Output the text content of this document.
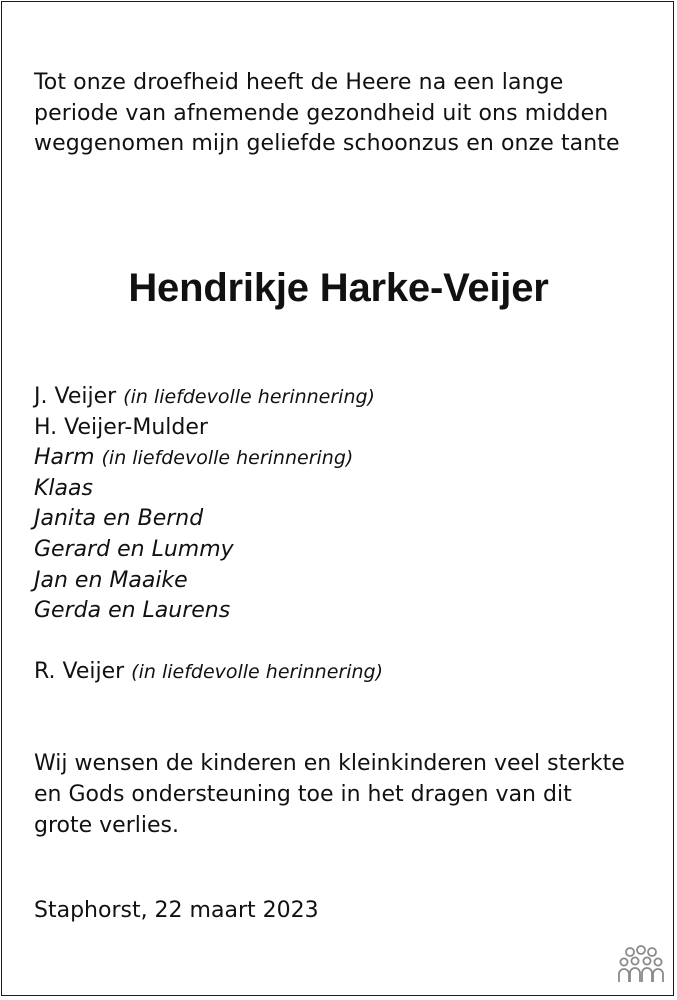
Tot onze droefheid heeft de Heere na een lange periode van afnemende gezondheid uit ons midden weggenomen mijn geliefde schoonzus en onze tante
Hendrikje Harke-Veijer
J. Veijer (in liefdevolle herinnering)
H. Veijer-Mulder
Harm (in liefdevolle herinnering)
Klaas
Janita en Bernd
Gerard en Lummy
Jan en Maaike
Gerda en Laurens
R. Veijer (in liefdevolle herinnering)
Wij wensen de kinderen en kleinkinderen veel sterkte en Gods ondersteuning toe in het dragen van dit grote verlies.
Staphorst, 22 maart 2023
